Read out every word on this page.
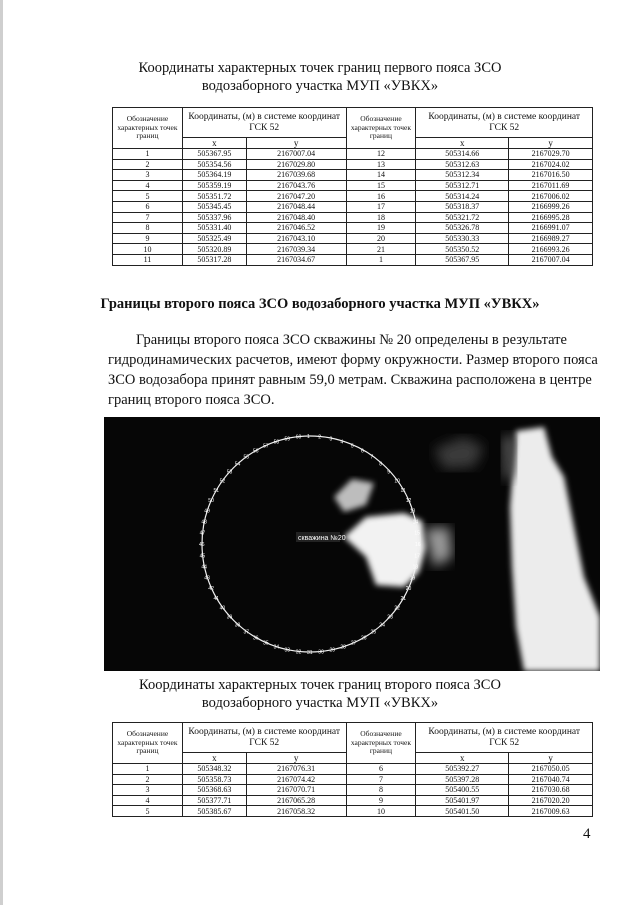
Координаты характерных точек границ первого пояса ЗСО
водозаборного участка МУП «УВКХ»
Обозначение характерных точек границ	Координаты, (м) в системе координат ГСК 52		Обозначение характерных точек границ	Координаты, (м) в системе координат ГСК 52	
	x	y		x	y
1	505367.95	2167007.04	12	505314.66	2167029.70
2	505354.56	2167029.80	13	505312.63	2167024.02
3	505364.19	2167039.68	14	505312.34	2167016.50
4	505359.19	2167043.76	15	505312.71	2167011.69
5	505351.72	2167047.20	16	505314.24	2167006.02
6	505345.45	2167048.44	17	505318.37	2166999.26
7	505337.96	2167048.40	18	505321.72	2166995.28
8	505331.40	2167046.52	19	505326.78	2166991.07
9	505325.49	2167043.10	20	505330.33	2166989.27
10	505320.89	2167039.34	21	505350.52	2166993.26
11	505317.28	2167034.67	1	505367.95	2167007.04
Границы второго пояса ЗСО водозаборного участка МУП «УВКХ»
Границы второго пояса ЗСО скважины № 20 определены в результате
гидродинамических расчетов, имеют форму окружности. Размер второго пояса
ЗСО водозабора принят равным 59,0 метрам. Скважина расположена в центре
границ второго пояса ЗСО.
1 2 3 4
5
6
7
8
9
10
11
12
13
14
15
16
17
18
19
20
21
22
23
24
25
26
27
28
29
30
31
32
33
34
35
36
37
38
39
40
41
42
43
44
45
46
47
48
49
50
51
52
53
54
55
56
57
58 59 60
скважина №20
Координаты характерных точек границ второго пояса ЗСО
водозаборного участка МУП «УВКХ»
Обозначение характерных точек границ	Координаты, (м) в системе координат ГСК 52		Обозначение характерных точек границ	Координаты, (м) в системе координат ГСК 52	
	x	y		x	y
1	505348.32	2167076.31	6	505392.27	2167050.05
2	505358.73	2167074.42	7	505397.28	2167040.74
3	505368.63	2167070.71	8	505400.55	2167030.68
4	505377.71	2167065.28	9	505401.97	2167020.20
5	505385.67	2167058.32	10	505401.50	2167009.63
4
